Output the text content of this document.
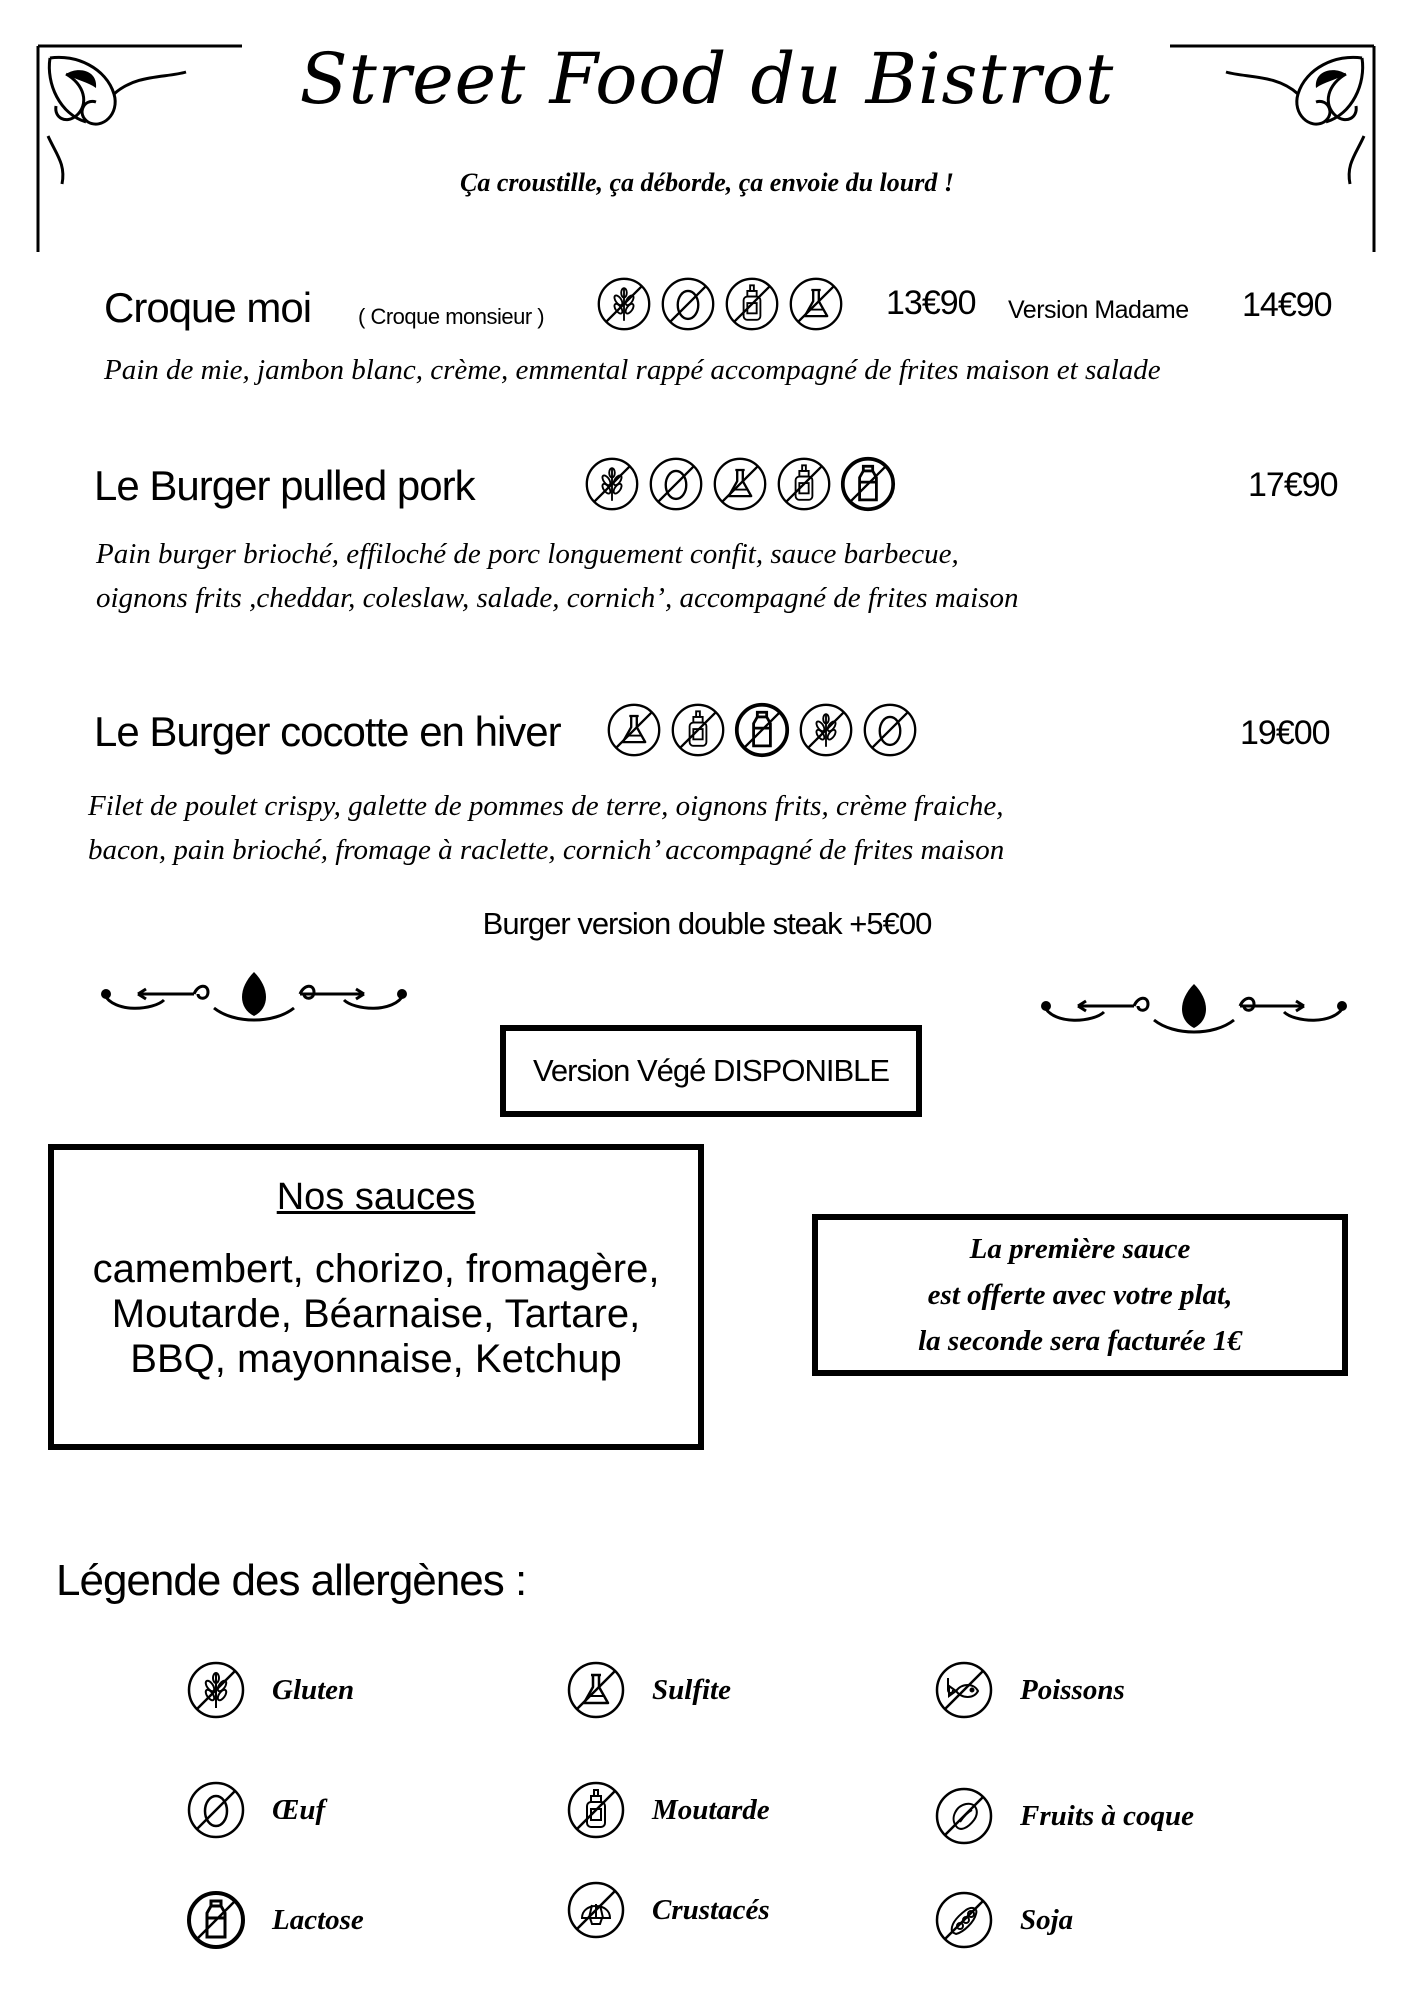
Street Food du Bistrot
Ça croustille, ça déborde, ça envoie du lourd !
Croque moi ( Croque monsieur )	13€90 Version Madame 14€90
Pain de mie, jambon blanc, crème, emmental rappé accompagné de frites maison et salade
Le Burger pulled pork	17€90
Pain burger brioché, effiloché de porc longuement confit, sauce barbecue,
oignons frits ,cheddar, coleslaw, salade, cornich’, accompagné de frites maison
Le Burger cocotte en hiver	19€00
Filet de poulet crispy, galette de pommes de terre, oignons frits, crème fraiche,
bacon, pain brioché, fromage à raclette, cornich’ accompagné de frites maison
Burger version double steak +5€00
Version Végé DISPONIBLE
Nos sauces
camembert, chorizo, fromagère,
Moutarde, Béarnaise, Tartare,
BBQ, mayonnaise, Ketchup
La première sauce
est offerte avec votre plat,
la seconde sera facturée 1€
Légende des allergènes :
Gluten	Sulfite	Poissons
Œuf	Moutarde	Fruits à coque
Lactose	Crustacés	Soja
